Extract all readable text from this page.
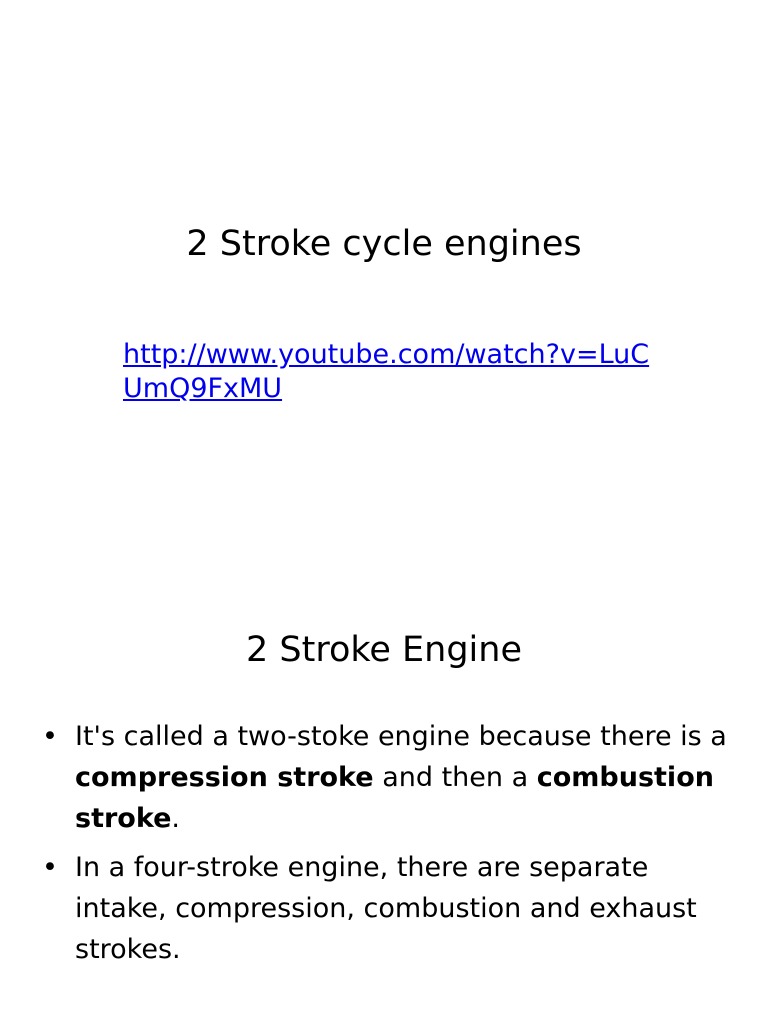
2 Stroke cycle engines
http://www.youtube.com/watch?v=LuCUmQ9FxMU
2 Stroke Engine
• It's called a two-stoke engine because there is a compression stroke and then a combustion stroke.
• In a four-stroke engine, there are separate intake, compression, combustion and exhaust strokes.
